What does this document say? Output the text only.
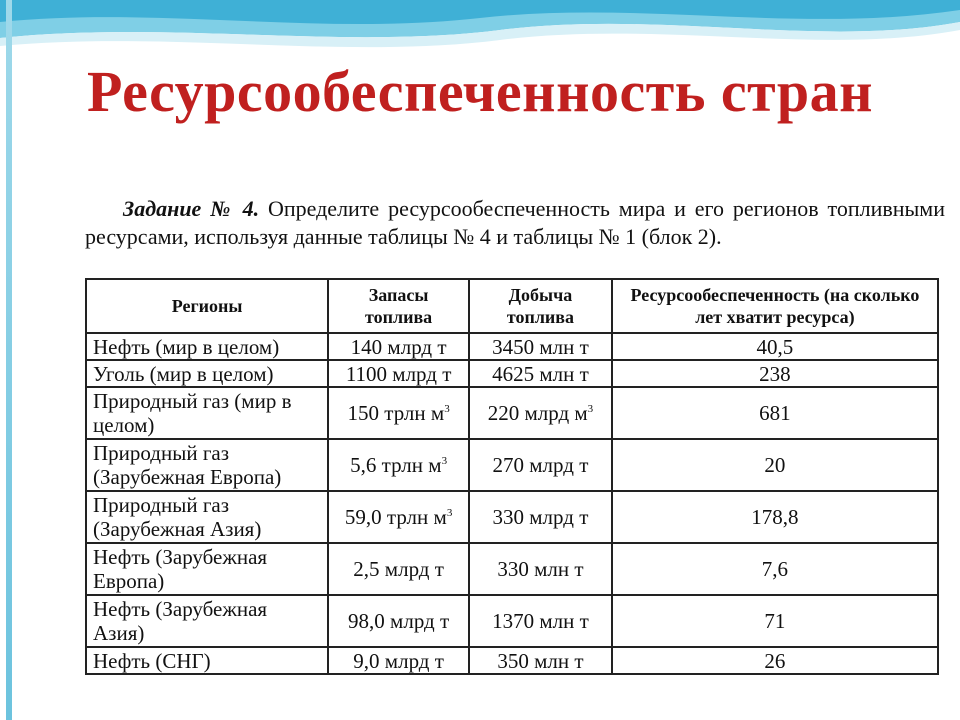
Ресурсообеспеченность стран
Задание № 4. Определите ресурсообеспеченность мира и его регионов топливными ресурсами, используя данные таблицы № 4 и таблицы № 1 (блок 2).
Регионы	Запасы топлива	Добыча топлива	Ресурсообеспеченность (на сколько лет хватит ресурса)
Нефть (мир в целом)	140 млрд т	3450 млн т	40,5
Уголь (мир в целом)	1100 млрд т	4625 млн т	238
Природный газ (мир в целом)	150 трлн $м^3$	220 млрд $м^3$	681
Природный газ (Зарубежная Европа)	5,6 трлн $м^3$	270 млрд т	20
Природный газ (Зарубежная Азия)	59,0 трлн $м^3$	330 млрд т	178,8
Нефть (Зарубежная Европа)	2,5 млрд т	330 млн т	7,6
Нефть (Зарубежная Азия)	98,0 млрд т	1370 млн т	71
Нефть (СНГ)	9,0 млрд т	350 млн т	26
